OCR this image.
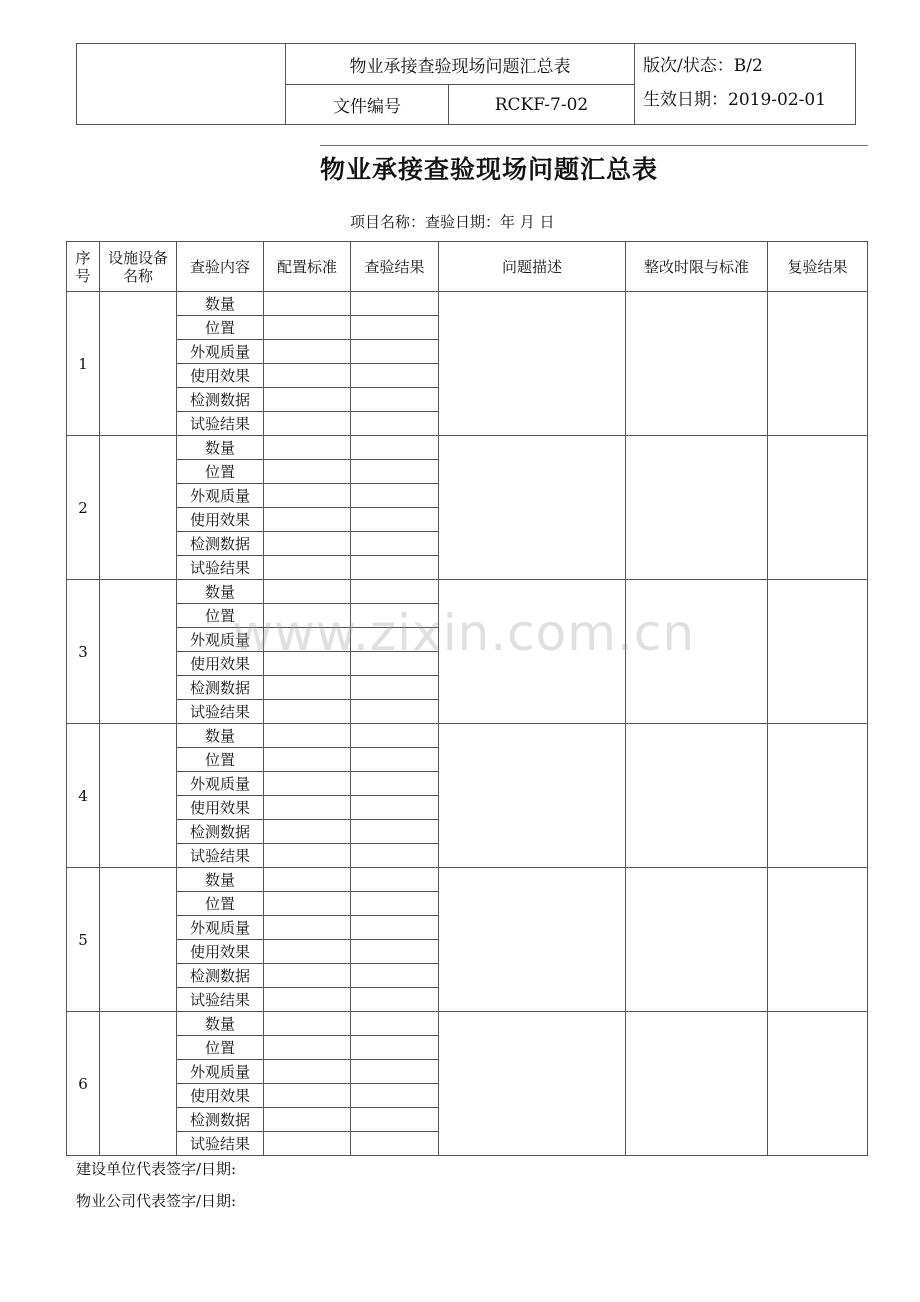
	物业承接查验现场问题汇总表		版次/状态：B/2
生效日期：2019-02-01

	文件编号	RCKF-7-02	
物业承接查验现场问题汇总表
项目名称：查验日期：年 月 日
序号	设施设备名称	查验内容	配置标准	查验结果	问题描述	整改时限与标准	复验结果
1		数量					
		位置					
		外观质量					
		使用效果					
		检测数据					
		试验结果					
2		数量					
		位置					
		外观质量					
		使用效果					
		检测数据					
		试验结果					
3		数量					
		位置					
		外观质量					
		使用效果					
		检测数据					
		试验结果					
4		数量					
		位置					
		外观质量					
		使用效果					
		检测数据					
		试验结果					
5		数量					
		位置					
		外观质量					
		使用效果					
		检测数据					
		试验结果					
6		数量					
		位置					
		外观质量					
		使用效果					
		检测数据					
		试验结果					
建设单位代表签字/日期:
物业公司代表签字/日期:
www.zixin.com.cn
